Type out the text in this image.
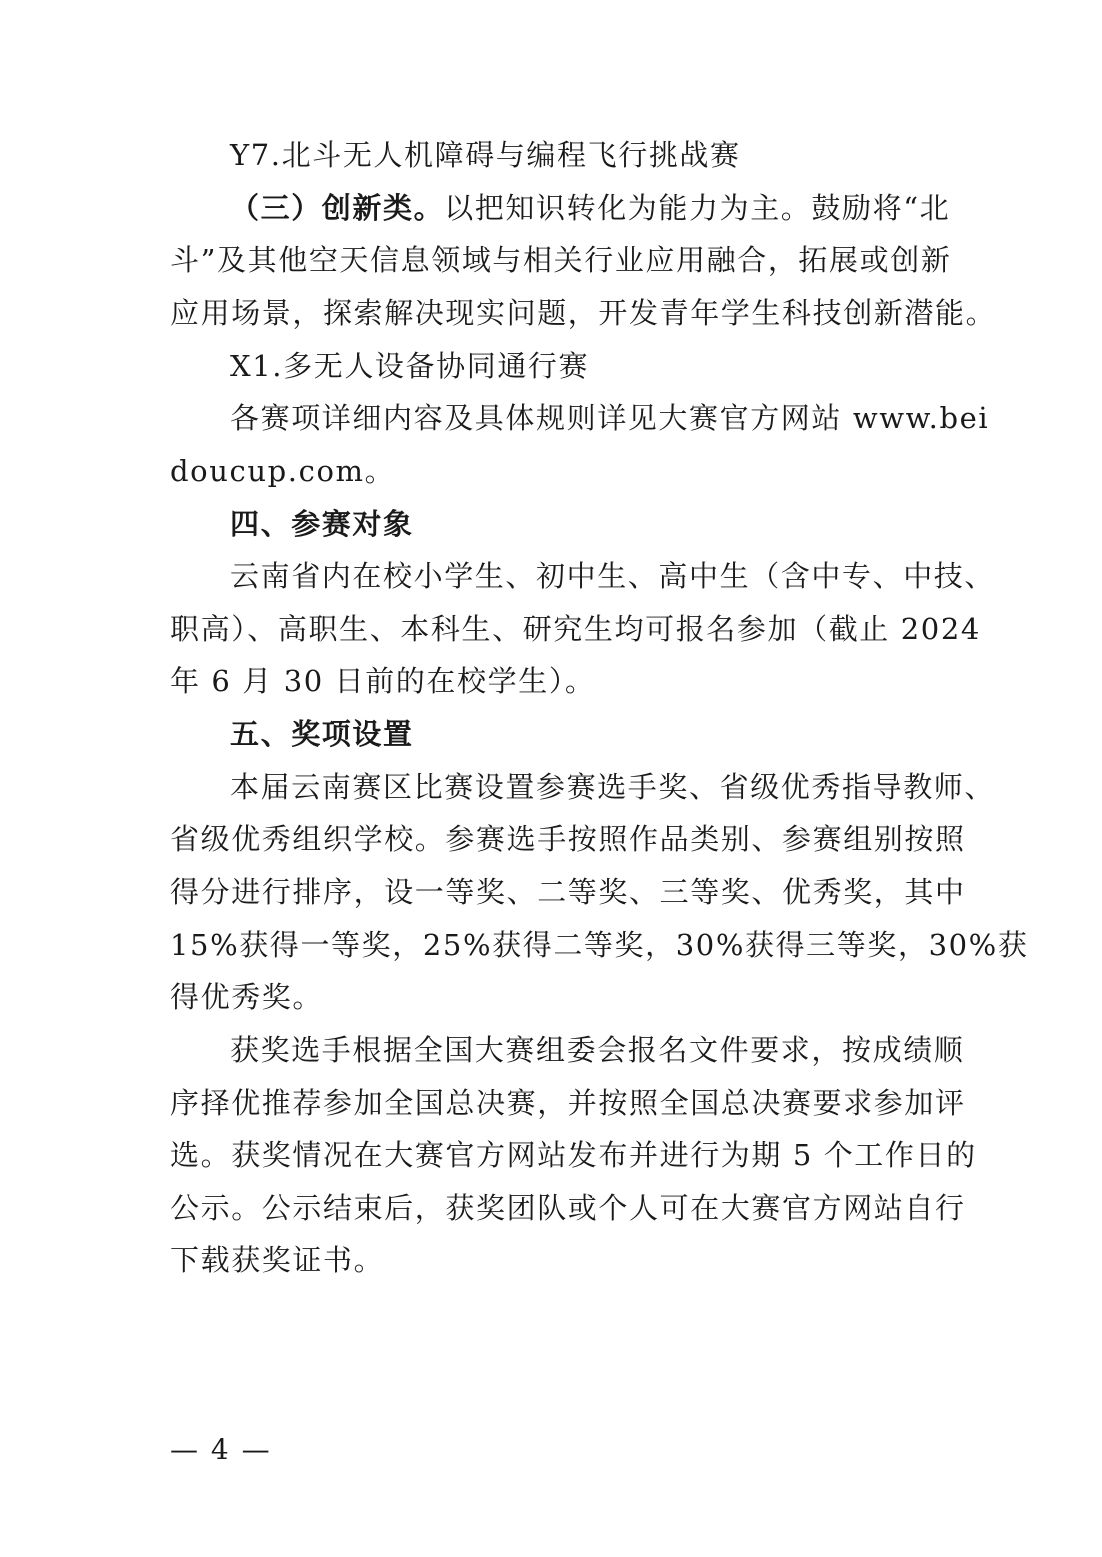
Y7.北斗无人机障碍与编程飞行挑战赛
（三）创新类。以把知识转化为能力为主。鼓励将“北
斗”及其他空天信息领域与相关行业应用融合，拓展或创新
应用场景，探索解决现实问题，开发青年学生科技创新潜能。
X1.多无人设备协同通行赛
各赛项详细内容及具体规则详见大赛官方网站 www.bei
doucup.com。
四、参赛对象
云南省内在校小学生、初中生、高中生（含中专、中技、
职高）、高职生、本科生、研究生均可报名参加（截止 2024
年 6 月 30 日前的在校学生）。
五、奖项设置
本届云南赛区比赛设置参赛选手奖、省级优秀指导教师、
省级优秀组织学校。参赛选手按照作品类别、参赛组别按照
得分进行排序，设一等奖、二等奖、三等奖、优秀奖，其中
15%获得一等奖，25%获得二等奖，30%获得三等奖，30%获
得优秀奖。
获奖选手根据全国大赛组委会报名文件要求，按成绩顺
序择优推荐参加全国总决赛，并按照全国总决赛要求参加评
选。获奖情况在大赛官方网站发布并进行为期 5 个工作日的
公示。公示结束后，获奖团队或个人可在大赛官方网站自行
下载获奖证书。
— 4 —
